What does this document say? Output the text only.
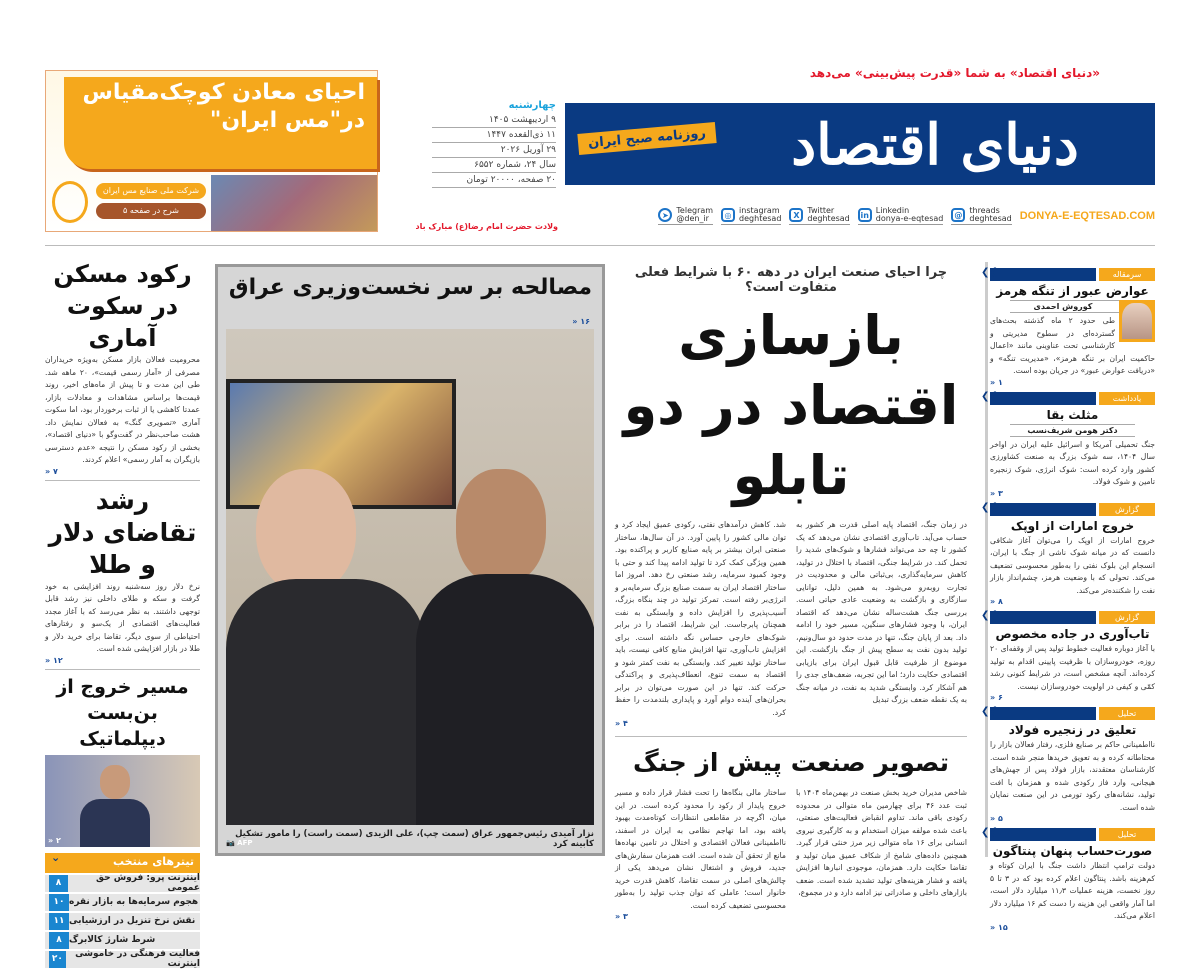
دنیای اقتصاد
«دنیای اقتصاد» به شما «قدرت پیش‌بینی» می‌دهد
روزنامه صبح ایران
چهارشنبه
۹ اردیبهشت ۱۴۰۵
۱۱ ذی‌القعده ۱۴۴۷
۲۹ آوریل ۲۰۲۶
سال ۲۴، شماره ۶۵۵۲
۲۰ صفحه، ۲۰۰۰۰ تومان
DONYA-E-EQTESAD.COM
@ threads
deghtesad
in Linkedin
donya-e-eqtesad
X Twitter
deghtesad
◎ instagram
deghtesad
➤ Telegram
@den_ir
ولادت حضرت امام رضا(ع) مبارک باد
احیای معادن کوچک‌مقیاس در"مس ایران"
شرکت ملی صنایع مس ایران
شرح در صفحه ۵
رکود مسکن در سکوت آماری
محرومیت فعالان بازار مسکن به‌ویژه خریداران مصرفی از «آمار رسمی قیمت»، ۲۰ ماهه شد. طی این مدت و تا پیش از ماه‌های اخیر، روند قیمت‌ها براساس مشاهدات و معادلات بازار، عمدتا کاهشی یا از ثبات برخوردار بود، اما سکوت آماری «تصویری گنگ» به فعالان نمایش داد. هشت صاحب‌نظر در گفت‌وگو با «دنیای اقتصاد»، بخشی از رکود مسکن را نتیجه «عدم دسترسی بازیگران به آمار رسمی» اعلام کردند.
» ۷
رشد تقاضای دلار و طلا
نرخ دلار روز سه‌شنبه روند افزایشی به خود گرفت و سکه و طلای داخلی نیز رشد قابل توجهی داشتند. به نظر می‌رسد که با آغاز مجدد فعالیت‌های اقتصادی از یک‌سو و رفتارهای احتیاطی از سوی دیگر، تقاضا برای خرید دلار و طلا در بازار افزایشی شده است.
» ۱۲
مسیر خروج از بن‌بست دیپلماتیک
» ۲
تیترهای منتخب
⌄
۸	اینترنت پرو: فروش حق عمومی
۱۰ هجوم سرمایه‌ها به بازار نقره
۱۱ نقش نرخ تنزیل در ارزشیابی
۸ شرط شارژ کالابرگ
۲۰	فعالیت فرهنگی در خاموشی اینترنت
مصالحه بر سر نخست‌وزیری عراق
» ۱۶
نزار آمیدی رئیس‌جمهور عراق (سمت چپ)، علی الزیدی (سمت راست) را مامور تشکیل کابینه کرد
📷 AFP
چرا احیای صنعت ایران در دهه ۶۰ با شرایط فعلی متفاوت است؟
بازسازی اقتصاد در دو تابلو
در زمان جنگ، اقتصاد پایه اصلی قدرت هر کشور به حساب می‌آید. تاب‌آوری اقتصادی نشان می‌دهد که یک کشور تا چه حد می‌تواند فشارها و شوک‌های شدید را تحمل کند. در شرایط جنگی، اقتصاد با اختلال در تولید، کاهش سرمایه‌گذاری، بی‌ثباتی مالی و محدودیت در تجارت روبه‌رو می‌شود. به همین دلیل، توانایی سازگاری و بازگشت به وضعیت عادی حیاتی است. بررسی جنگ هشت‌ساله نشان می‌دهد که اقتصاد ایران، با وجود فشارهای سنگین، مسیر خود را ادامه داد. بعد از پایان جنگ، تنها در مدت حدود دو سال‌ونیم، تولید بدون نفت به سطح پیش از جنگ بازگشت. این موضوع از ظرفیت قابل قبول ایران برای بازیابی اقتصادی حکایت دارد؛ اما این تجربه، ضعف‌های جدی را هم آشکار کرد. وابستگی شدید به نفت، در میانه جنگ به یک نقطه ضعف بزرگ تبدیل
شد. کاهش درآمدهای نفتی، رکودی عمیق ایجاد کرد و توان مالی کشور را پایین آورد. در آن سال‌ها، ساختار صنعتی ایران بیشتر بر پایه صنایع کاربر و پراکنده بود. همین ویژگی کمک کرد تا تولید ادامه پیدا کند و حتی با وجود کمبود سرمایه، رشد صنعتی رخ دهد. امروز اما ساختار اقتصاد ایران به سمت صنایع بزرگ سرمایه‌بر و انرژی‌بر رفته است. تمرکز تولید در چند بنگاه بزرگ، آسیب‌پذیری را افزایش داده و وابستگی به نفت همچنان پابرجاست. این شرایط، اقتصاد را در برابر شوک‌های خارجی حساس نگه داشته است. برای افزایش تاب‌آوری، تنها افزایش منابع کافی نیست، باید ساختار تولید تغییر کند. وابستگی به نفت کمتر شود و اقتصاد به سمت تنوع، انعطاف‌پذیری و پراکندگی حرکت کند. تنها در این صورت می‌توان در برابر بحران‌های آینده دوام آورد و پایداری بلندمدت را حفظ کرد.
» ۴
تصویر صنعت پیش از جنگ
شاخص مدیران خرید بخش صنعت در بهمن‌ماه ۱۴۰۴ با ثبت عدد ۴۶ برای چهارمین ماه متوالی در محدوده رکودی باقی ماند. تداوم انقباض فعالیت‌های صنعتی، باعث شده مولفه میزان استخدام و به کارگیری نیروی انسانی برای ۱۶ ماه متوالی زیر مرز خنثی قرار گیرد. همچنین داده‌های شامخ از شکاف عمیق میان تولید و تقاضا حکایت دارد. همزمان، موجودی انبارها افزایش یافته و فشار هزینه‌های تولید تشدید شده است. ضعف بازارهای داخلی و صادراتی نیز ادامه دارد و در مجموع،
ساختار مالی بنگاه‌ها را تحت فشار قرار داده و مسیر خروج پایدار از رکود را محدود کرده است. در این میان، اگرچه در مقاطعی انتظارات کوتاه‌مدت بهبود یافته بود، اما تهاجم نظامی به ایران در اسفند، نااطمینانی فعالان اقتصادی و اختلال در تامین نهاده‌ها مانع از تحقق آن شده است. افت همزمان سفارش‌های جدید، فروش و اشتغال نشان می‌دهد یکی از چالش‌های اصلی در سمت تقاضا، کاهش قدرت خرید خانوار است؛ عاملی که توان جذب تولید را به‌طور محسوسی تضعیف کرده است.
» ۳
❮❮
سرمقاله
عوارض عبور از تنگه هرمز
کوروش احمدی
طی حدود ۲ ماه گذشته بحث‌های گسترده‌ای در سطوح مدیریتی و کارشناسی تحت عناوینی مانند «اعمال حاکمیت ایران بر تنگه هرمز»، «مدیریت تنگه» و «دریافت عوارض عبور» در جریان بوده است.
» ۱
❮❮
یادداشت
مثلث بقا
دکتر هومن شریف‌نسب
جنگ تحمیلی آمریکا و اسرائیل علیه ایران در اواخر سال ۱۴۰۴، سه شوک بزرگ به صنعت کشاورزی کشور وارد کرده است: شوک انرژی، شوک زنجیره تامین و شوک فولاد.
» ۳
❮❮
گزارش
خروج امارات از اوپک
خروج امارات از اوپک را می‌توان آغاز شکافی دانست که در میانه شوک ناشی از جنگ با ایران، انسجام این بلوک نفتی را به‌طور محسوسی تضعیف می‌کند. تحولی که با وضعیت هرمز، چشم‌انداز بازار نفت را شکننده‌تر می‌کند.
» ۸
❮❮
گزارش
تاب‌آوری در جاده مخصوص
با آغاز دوباره فعالیت خطوط تولید پس از وقفه‌ای ۲۰ روزه، خودروسازان با ظرفیت پایینی اقدام به تولید کرده‌اند. آنچه مشخص است، در شرایط کنونی رشد کمّی و کیفی در اولویت خودروسازان نیست.
» ۶
❮❮
تحلیل
تعلیق در زنجیره فولاد
نااطمینانی حاکم بر صنایع فلزی، رفتار فعالان بازار را محتاطانه کرده و به تعویق خریدها منجر شده است. کارشناسان معتقدند، بازار فولاد پس از جهش‌های هیجانی، وارد فاز رکودی شده و همزمان با افت تولید، نشانه‌های رکود تورمی در این صنعت نمایان شده است.
» ۵
❮❮
تحلیل
صورت‌حساب پنهان پنتاگون
دولت ترامپ انتظار داشت جنگ با ایران کوتاه و کم‌هزینه باشد. پنتاگون اعلام کرده بود که در ۳ تا ۵ روز نخست، هزینه عملیات ۱۱٫۳ میلیارد دلار است، اما آمار واقعی این هزینه را دست کم ۱۶ میلیارد دلار اعلام می‌کند.
» ۱۵
